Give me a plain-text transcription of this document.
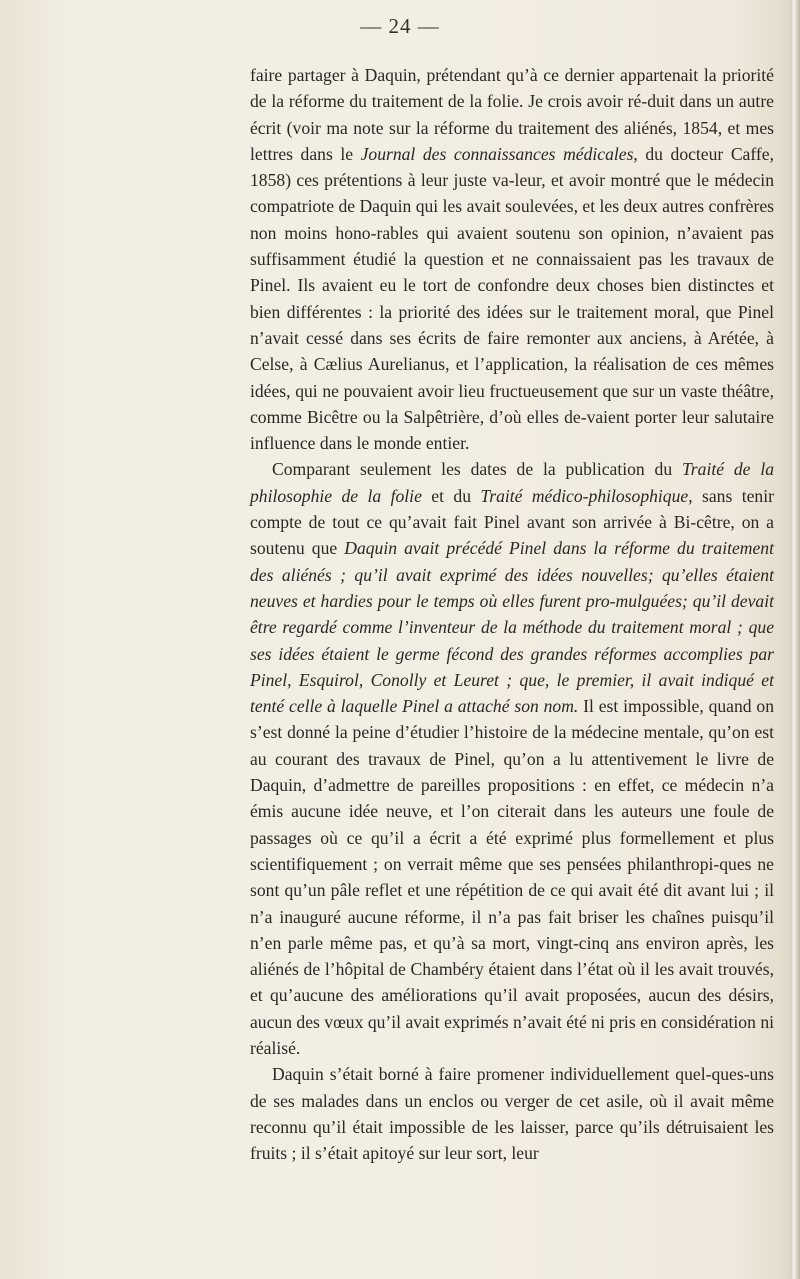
— 24 —

faire partager à Daquin, prétendant qu’à ce dernier appartenait la priorité de la réforme du traitement de la folie. Je crois avoir ré-duit dans un autre écrit (voir ma note sur la réforme du traitement des aliénés, 1854, et mes lettres dans le Journal des connaissances médicales, du docteur Caffe, 1858) ces prétentions à leur juste va-leur, et avoir montré que le médecin compatriote de Daquin qui les avait soulevées, et les deux autres confrères non moins hono-rables qui avaient soutenu son opinion, n’avaient pas suffisamment étudié la question et ne connaissaient pas les travaux de Pinel. Ils avaient eu le tort de confondre deux choses bien distinctes et bien différentes : la priorité des idées sur le traitement moral, que Pinel n’avait cessé dans ses écrits de faire remonter aux anciens, à Arétée, à Celse, à Cælius Aurelianus, et l’application, la réalisation de ces mêmes idées, qui ne pouvaient avoir lieu fructueusement que sur un vaste théâtre, comme Bicêtre ou la Salpêtrière, d’où elles de-vaient porter leur salutaire influence dans le monde entier.

Comparant seulement les dates de la publication du Traité de la philosophie de la folie et du Traité médico-philosophique, sans tenir compte de tout ce qu’avait fait Pinel avant son arrivée à Bi-cêtre, on a soutenu que Daquin avait précédé Pinel dans la réforme du traitement des aliénés ; qu’il avait exprimé des idées nouvelles; qu’elles étaient neuves et hardies pour le temps où elles furent pro-mulguées; qu’il devait être regardé comme l’inventeur de la méthode du traitement moral ; que ses idées étaient le germe fécond des grandes réformes accomplies par Pinel, Esquirol, Conolly et Leuret ; que, le premier, il avait indiqué et tenté celle à laquelle Pinel a attaché son nom. Il est impossible, quand on s’est donné la peine d’étudier l’histoire de la médecine mentale, qu’on est au courant des travaux de Pinel, qu’on a lu attentivement le livre de Daquin, d’admettre de pareilles propositions : en effet, ce médecin n’a émis aucune idée neuve, et l’on citerait dans les auteurs une foule de passages où ce qu’il a écrit a été exprimé plus formellement et plus scientifiquement ; on verrait même que ses pensées philanthropi-ques ne sont qu’un pâle reflet et une répétition de ce qui avait été dit avant lui ; il n’a inauguré aucune réforme, il n’a pas fait briser les chaînes puisqu’il n’en parle même pas, et qu’à sa mort, vingt-cinq ans environ après, les aliénés de l’hôpital de Chambéry étaient dans l’état où il les avait trouvés, et qu’aucune des améliorations qu’il avait proposées, aucun des désirs, aucun des vœux qu’il avait exprimés n’avait été ni pris en considération ni réalisé.

Daquin s’était borné à faire promener individuellement quel-ques-uns de ses malades dans un enclos ou verger de cet asile, où il avait même reconnu qu’il était impossible de les laisser, parce qu’ils détruisaient les fruits ; il s’était apitoyé sur leur sort, leur
